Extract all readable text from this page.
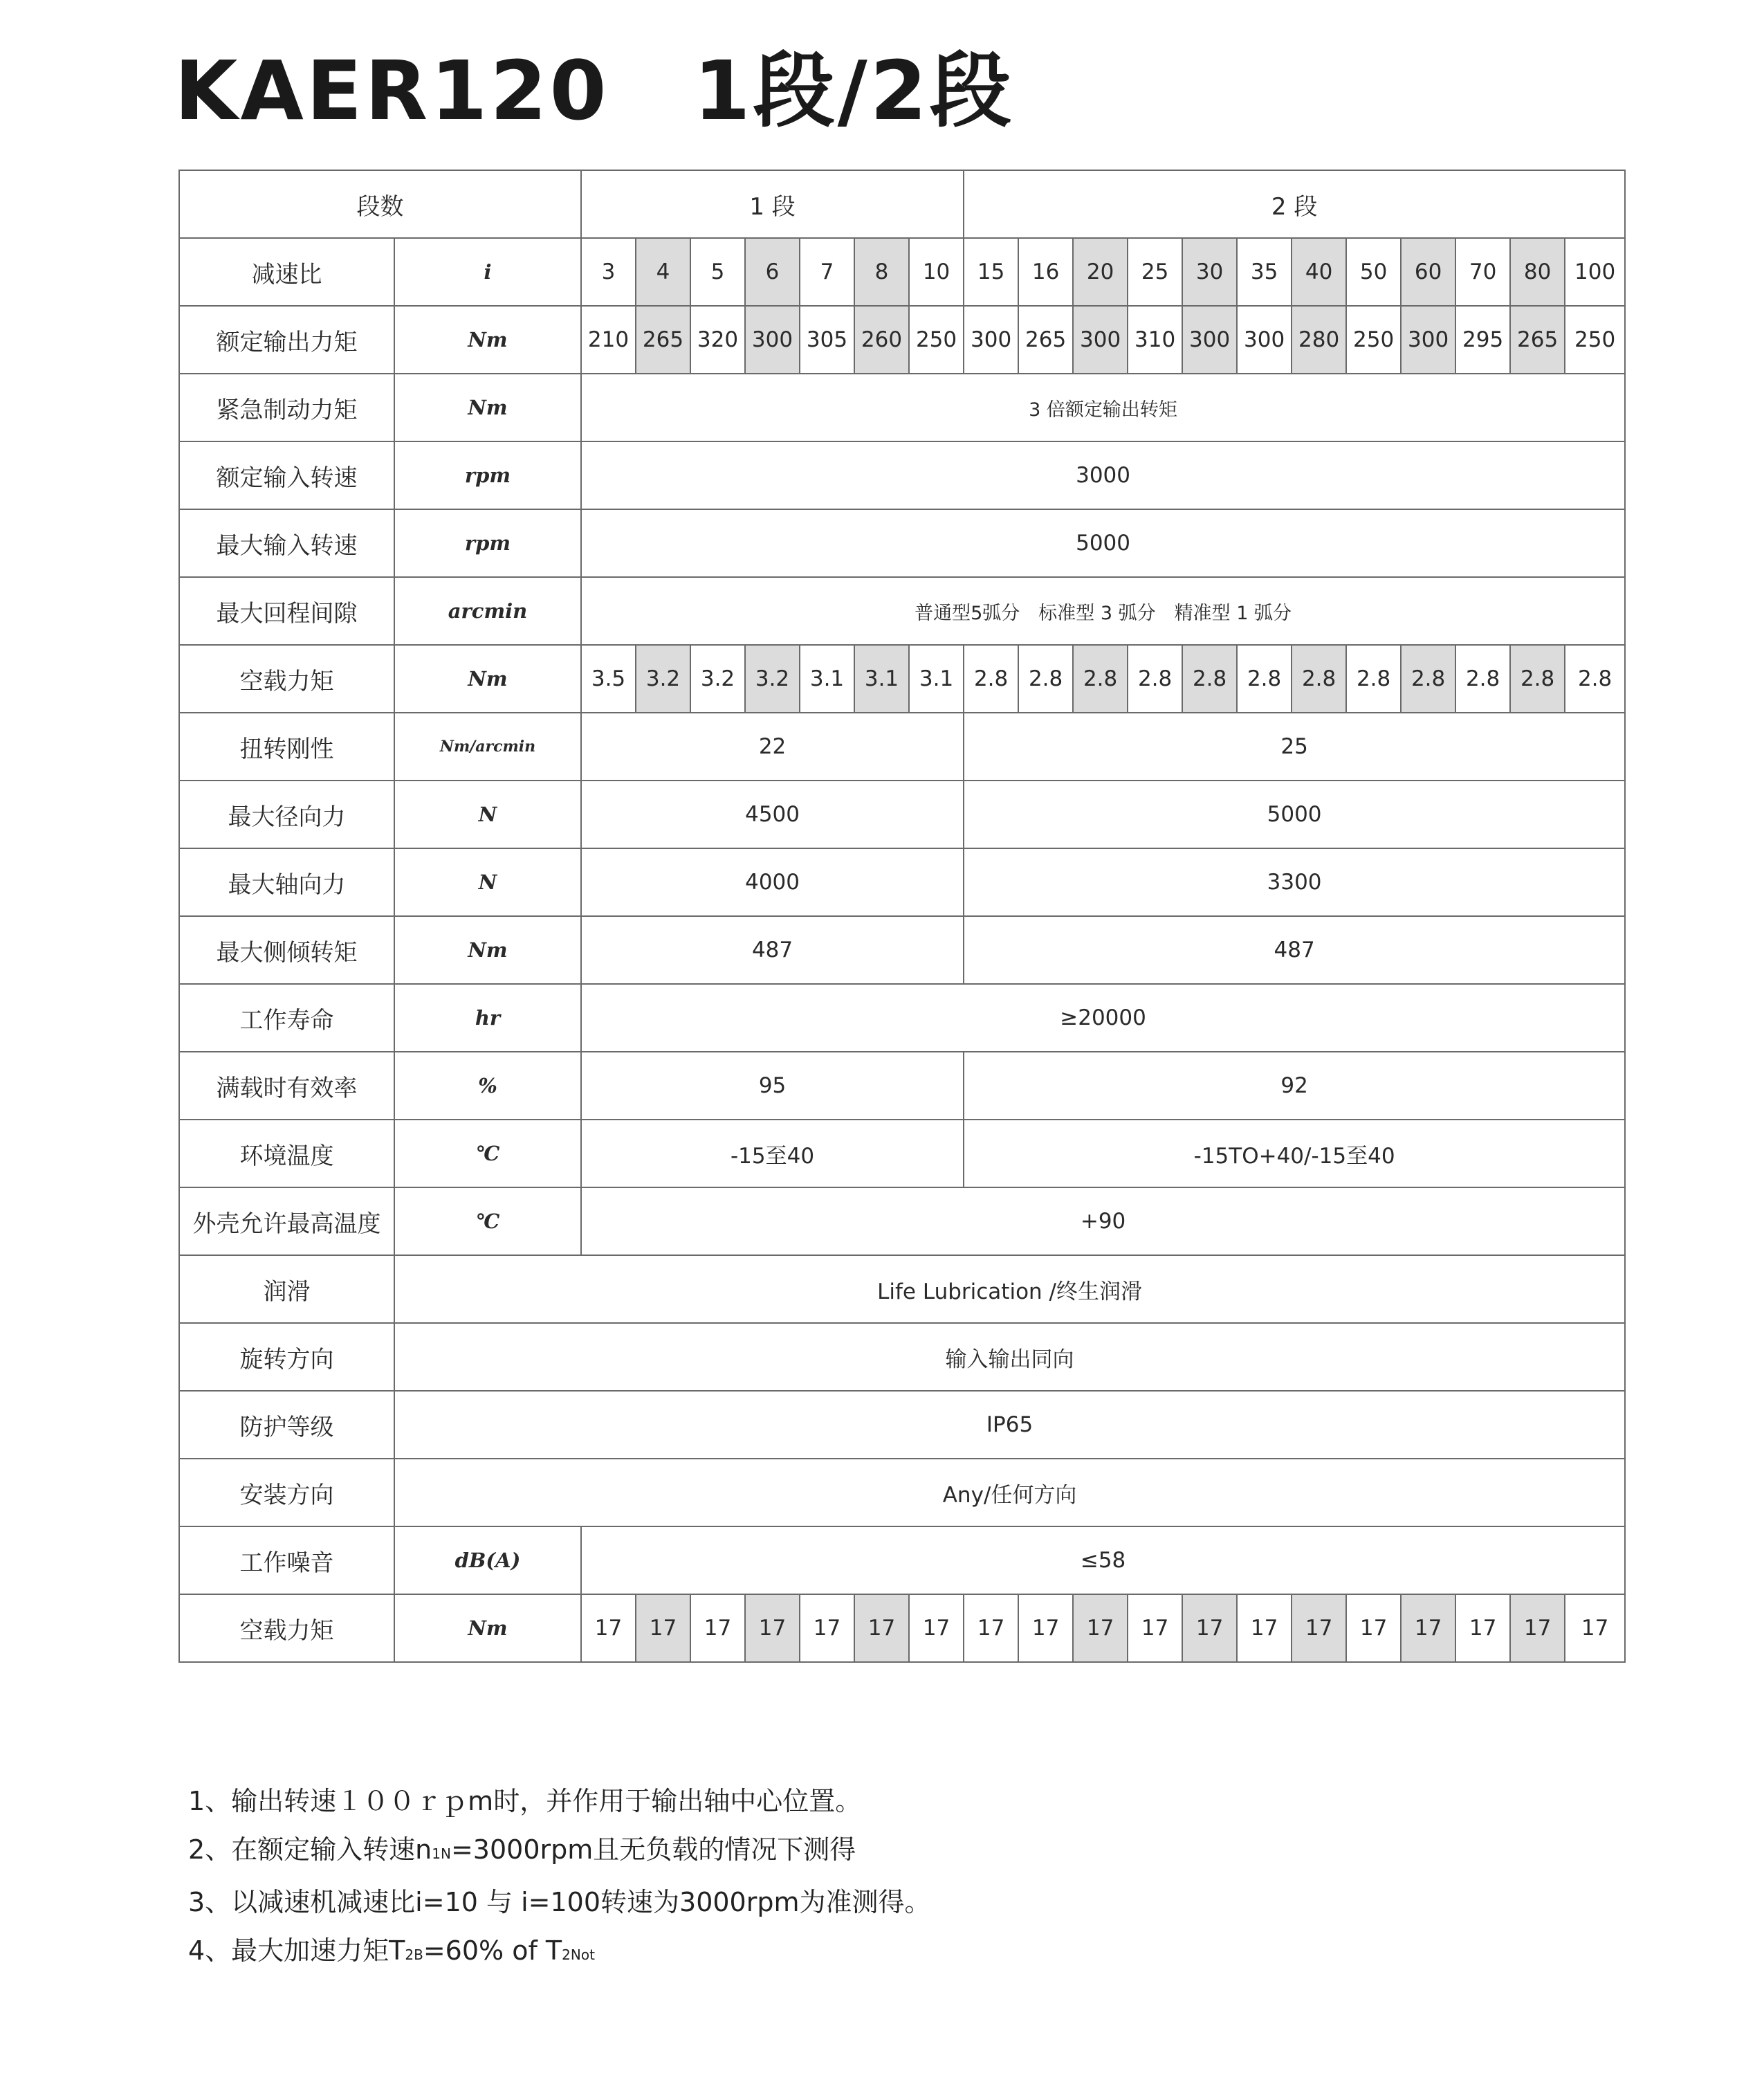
KAER120　1段/2段
段数		1 段							2 段											
减速比	i	3	4	5	6	7	8	10	15	16	20	25	30	35	40	50	60	70	80	100
额定输出力矩	Nm	210	265	320	300	305	260	250	300	265	300	310	300	300	280	250	300	295	265	250
紧急制动力矩	Nm	3 倍额定输出转矩																		
额定输入转速	rpm	3000																		
最大输入转速	rpm	5000																		
最大回程间隙	arcmin	普通型5弧分　标准型 3 弧分　精准型 1 弧分																		
空载力矩	Nm	3.5	3.2	3.2	3.2	3.1	3.1	3.1	2.8	2.8	2.8	2.8	2.8	2.8	2.8	2.8	2.8	2.8	2.8	2.8
扭转刚性	Nm/arcmin	22							25											
最大径向力	N	4500							5000											
最大轴向力	N	4000							3300											
最大侧倾转矩	Nm	487							487											
工作寿命	hr	≥20000																		
满载时有效率	%	95							92											
环境温度	℃	-15至40							-15TO+40/-15至40											
外壳允许最高温度	℃	+90																		
润滑	Life Lubrication /终生润滑																			
旋转方向	输入输出同向																			
防护等级	IP65																			
安装方向	Any/任何方向																			
工作噪音	dB(A)	≤58																		
空载力矩	Nm	17	17	17	17	17	17	17	17	17	17	17	17	17	17	17	17	17	17	17
1、输出转速１００ｒｐm时，并作用于输出轴中心位置。
2、在额定输入转速n1N=3000rpm且无负载的情况下测得
3、以减速机减速比i=10 与 i=100转速为3000rpm为准测得。
4、最大加速力矩T2B=60% of T2Not
